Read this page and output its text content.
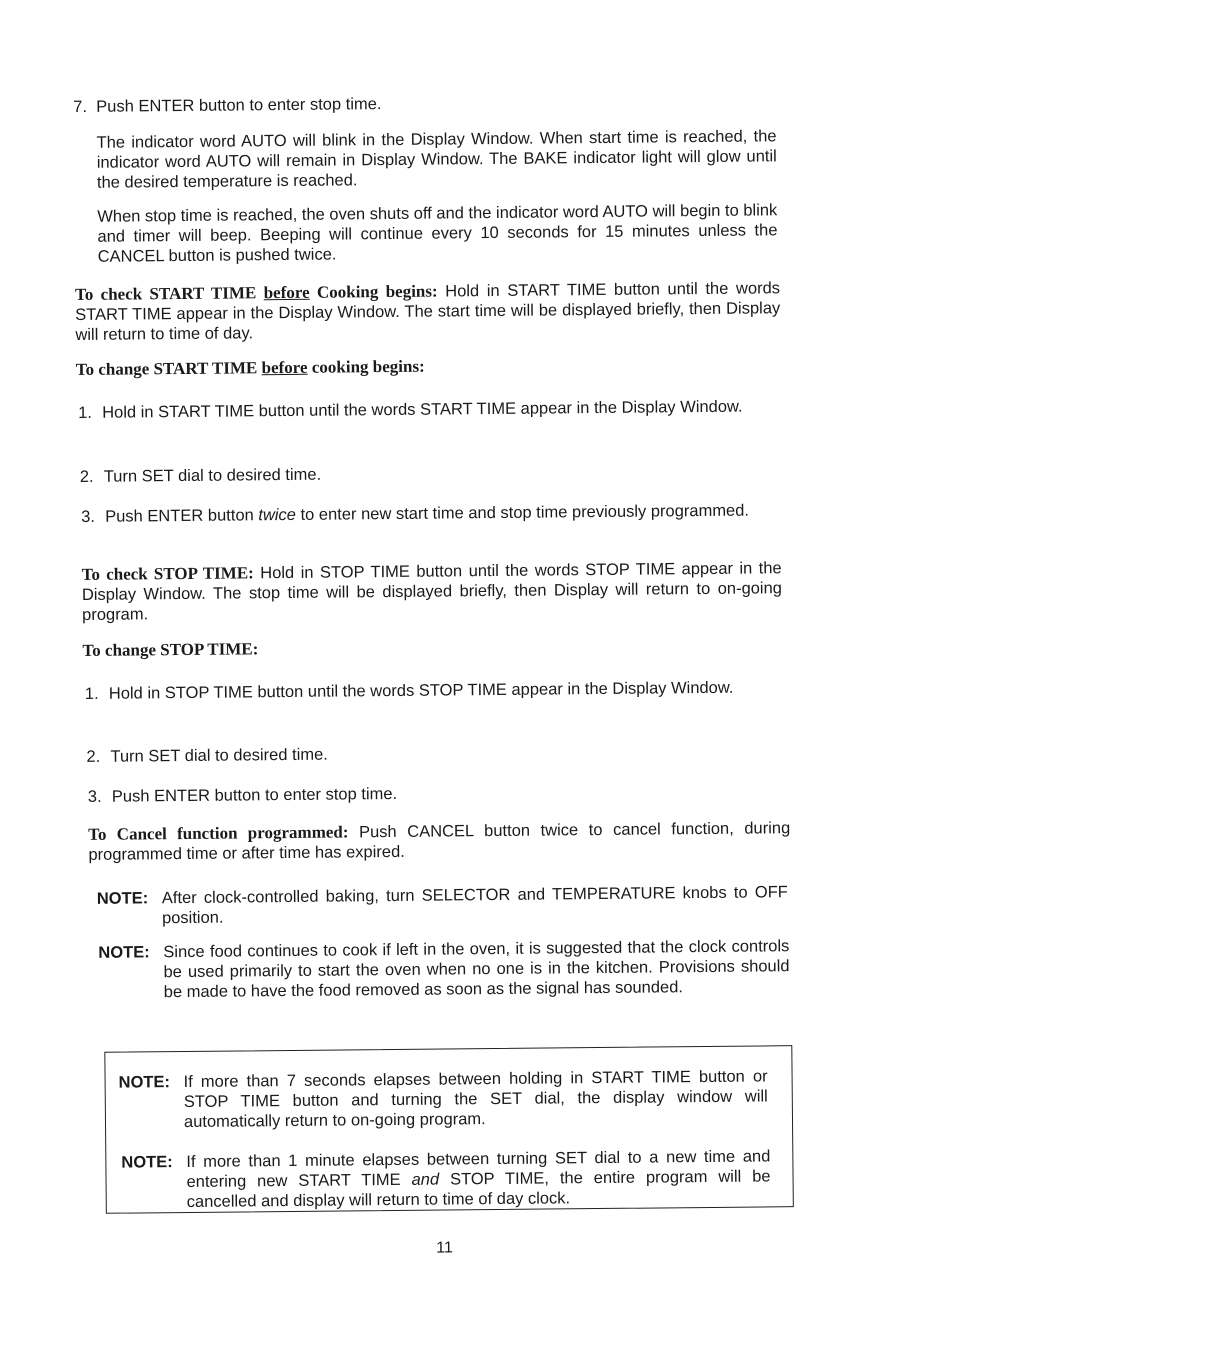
7. Push ENTER button to enter stop time.
The indicator word AUTO will blink in the Display Window. When start time is reached, the indicator word AUTO will remain in Display Window. The BAKE indicator light will glow until the desired temperature is reached.
When stop time is reached, the oven shuts off and the indicator word AUTO will begin to blink and timer will beep. Beeping will continue every 10 seconds for 15 minutes unless the CANCEL button is pushed twice.
To check START TIME before Cooking begins: Hold in START TIME button until the words START TIME appear in the Display Window. The start time will be displayed briefly, then Display will return to time of day.
To change START TIME before cooking begins:
1. Hold in START TIME button until the words START TIME appear in the Display Window.
2. Turn SET dial to desired time.
3. Push ENTER button twice to enter new start time and stop time previously programmed.
To check STOP TIME: Hold in STOP TIME button until the words STOP TIME appear in the Display Window. The stop time will be displayed briefly, then Display will return to on-going program.
To change STOP TIME:
1. Hold in STOP TIME button until the words STOP TIME appear in the Display Window.
2. Turn SET dial to desired time.
3. Push ENTER button to enter stop time.
To Cancel function programmed: Push CANCEL button twice to cancel function, during programmed time or after time has expired.
NOTE: After clock-controlled baking, turn SELECTOR and TEMPERATURE knobs to OFF position.
NOTE: Since food continues to cook if left in the oven, it is suggested that the clock controls be used primarily to start the oven when no one is in the kitchen. Provisions should be made to have the food removed as soon as the signal has sounded.
NOTE: If more than 7 seconds elapses between holding in START TIME button or STOP TIME button and turning the SET dial, the display window will automatically return to on-going program.
NOTE: If more than 1 minute elapses between turning SET dial to a new time and entering new START TIME and STOP TIME, the entire program will be cancelled and display will return to time of day clock.
11
